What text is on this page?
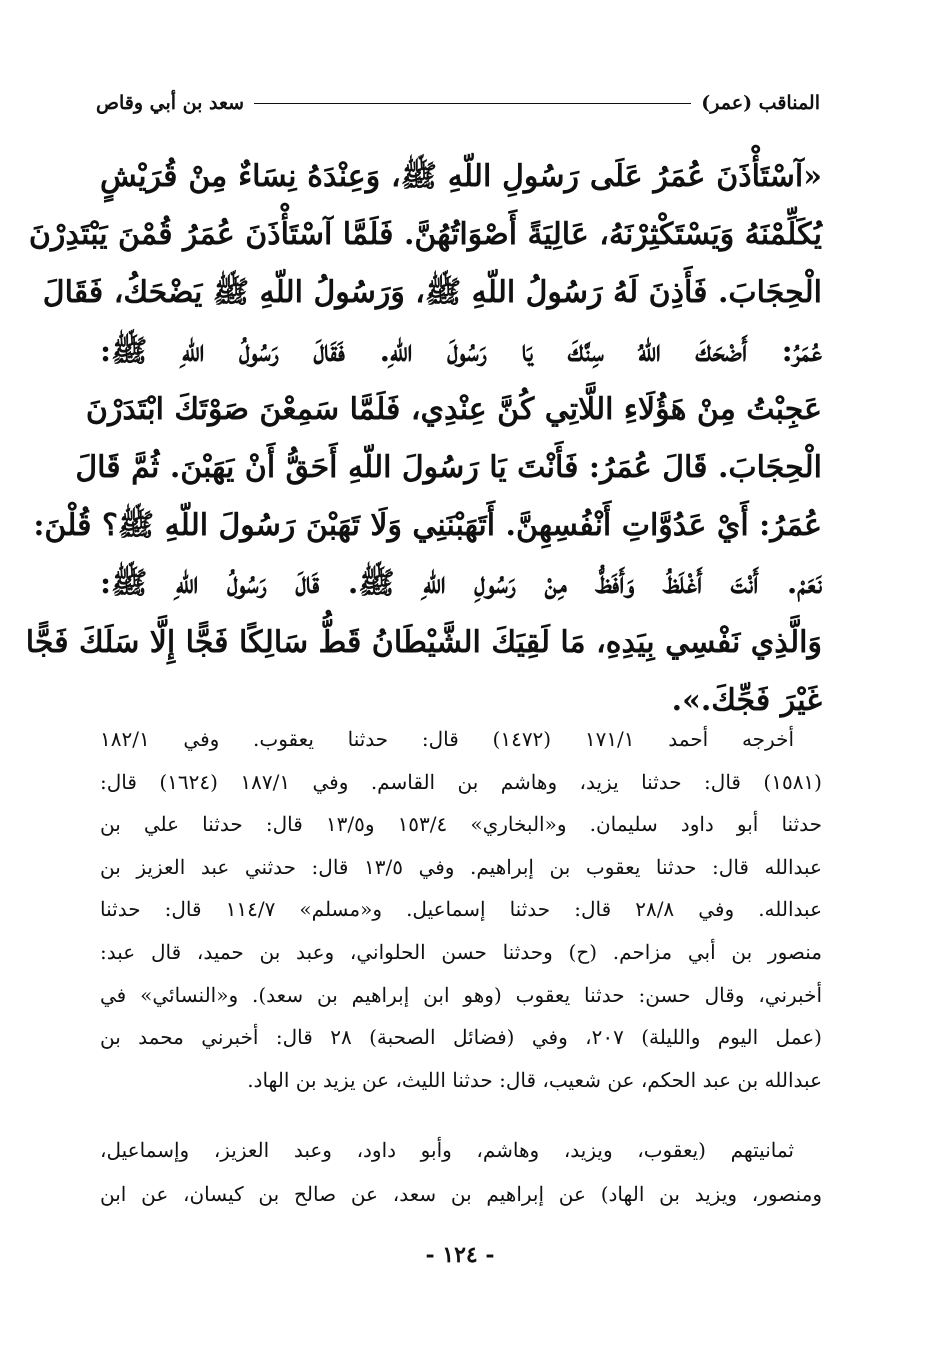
المناقب (عمر)
سعد بن أبي وقاص
«آسْتَأْذَنَ عُمَرُ عَلَى رَسُولِ اللّهِ ﷺ، وَعِنْدَهُ نِسَاءٌ مِنْ قُرَيْشٍ
يُكَلِّمْنَهُ وَيَسْتَكْثِرْنَهُ، عَالِيَةً أَصْوَاتُهُنَّ. فَلَمَّا آسْتَأْذَنَ عُمَرُ قُمْنَ يَبْتَدِرْنَ
الْحِجَابَ. فَأَذِنَ لَهُ رَسُولُ اللّهِ ﷺ، وَرَسُولُ اللّهِ ﷺ يَضْحَكُ، فَقَالَ
عُمَرُ: أَضْحَكَ اللهُ سِنَّكَ يَا رَسُولَ اللّهِ. فَقَالَ رَسُولُ اللّهِ ﷺ:
عَجِبْتُ مِنْ هَؤُلَاءِ اللَّاتِي كُنَّ عِنْدِي، فَلَمَّا سَمِعْنَ صَوْتَكَ ابْتَدَرْنَ
الْحِجَابَ. قَالَ عُمَرُ: فَأَنْتَ يَا رَسُولَ اللّهِ أَحَقُّ أَنْ يَهَبْنَ. ثُمَّ قَالَ
عُمَرُ: أَيْ عَدُوَّاتِ أَنْفُسِهِنَّ. أَتَهَبْنَنِي وَلَا تَهَبْنَ رَسُولَ اللّهِ ﷺ؟ قُلْنَ:
نَعَمْ. أَنْتَ أَغْلَظُ وَأَفَظُّ مِنْ رَسُولِ اللّهِ ﷺ. قَالَ رَسُولُ اللّهِ ﷺ:
وَالَّذِي نَفْسِي بِيَدِهِ، مَا لَقِيَكَ الشَّيْطَانُ قَطُّ سَالِكًا فَجًّا إِلَّا سَلَكَ فَجًّا
غَيْرَ فَجِّكَ.».
أخرجه أحمد ١٧١/١ (١٤٧٢) قال: حدثنا يعقوب. وفي ١٨٢/١
(١٥٨١) قال: حدثنا يزيد، وهاشم بن القاسم. وفي ١٨٧/١ (١٦٢٤) قال:
حدثنا أبو داود سليمان. و«البخاري» ١٥٣/٤ و١٣/٥ قال: حدثنا علي بن
عبدالله قال: حدثنا يعقوب بن إبراهيم. وفي ١٣/٥ قال: حدثني عبد العزيز بن
عبدالله. وفي ٢٨/٨ قال: حدثنا إسماعيل. و«مسلم» ١١٤/٧ قال: حدثنا
منصور بن أبي مزاحم. (ح) وحدثنا حسن الحلواني، وعبد بن حميد، قال عبد:
أخبرني، وقال حسن: حدثنا يعقوب (وهو ابن إبراهيم بن سعد). و«النسائي» في
(عمل اليوم والليلة) ٢٠٧، وفي (فضائل الصحبة) ٢٨ قال: أخبرني محمد بن
عبدالله بن عبد الحكم، عن شعيب، قال: حدثنا الليث، عن يزيد بن الهاد.
ثمانيتهم (يعقوب، ويزيد، وهاشم، وأبو داود، وعبد العزيز، وإسماعيل،
ومنصور، ويزيد بن الهاد) عن إبراهيم بن سعد، عن صالح بن كيسان، عن ابن
- ١٢٤ -
